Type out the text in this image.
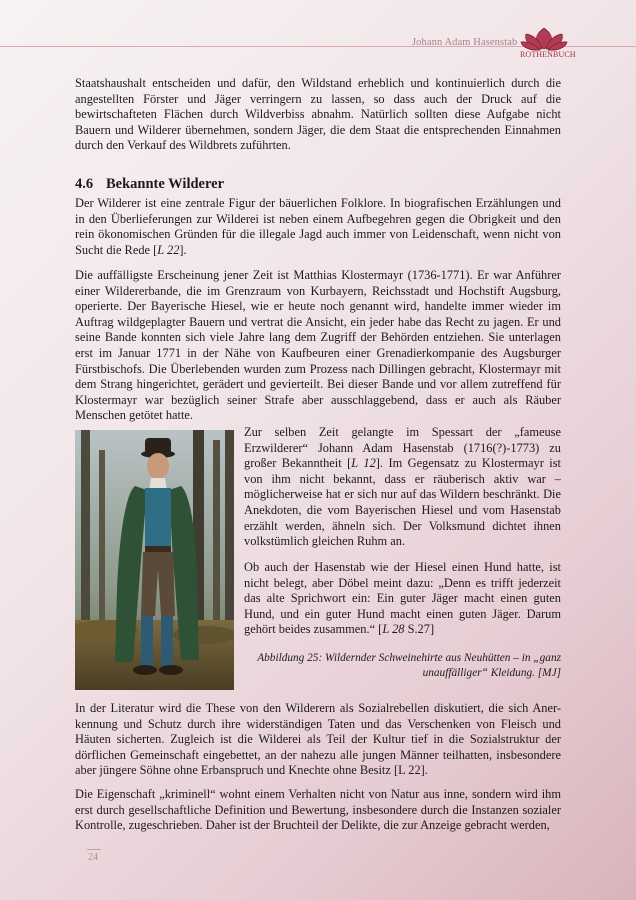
Johann Adam Hasenstab
ROTHENBUCH

Staatshaushalt entscheiden und dafür, den Wildstand erheblich und kontinuierlich durch die angestellten Förster und Jäger verringern zu lassen, so dass auch der Druck auf die bewirtschafteten Flächen durch Wildverbiss abnahm. Natürlich sollten diese Aufgabe nicht Bauern und Wilderer übernehmen, sondern Jäger, die dem Staat die entsprechenden Einnahmen durch den Verkauf des Wildbrets zuführten.

4.6 Bekannte Wilderer

Der Wilderer ist eine zentrale Figur der bäuerlichen Folklore. In biografischen Erzählungen und in den Überlieferungen zur Wilderei ist neben einem Aufbegehren gegen die Obrigkeit und den rein ökonomischen Gründen für die illegale Jagd auch immer von Leidenschaft, wenn nicht von Sucht die Rede [L 22].

Die auffälligste Erscheinung jener Zeit ist Matthias Klostermayr (1736-1771). Er war Anführer einer Wildererbande, die im Grenzraum von Kurbayern, Reichsstadt und Hochstift Augsburg, operierte. Der Bayerische Hiesel, wie er heute noch genannt wird, handelte immer wieder im Auftrag wildgeplagter Bauern und vertrat die Ansicht, ein jeder habe das Recht zu jagen. Er und seine Bande konnten sich viele Jahre lang dem Zugriff der Behörden entziehen. Sie unterlagen erst im Januar 1771 in der Nähe von Kaufbeuren einer Grenadierkompanie des Augsburger Fürstbischofs. Die Überlebenden wurden zum Prozess nach Dillingen gebracht, Klostermayr mit dem Strang hingerichtet, gerädert und gevierteilt. Bei dieser Bande und vor allem zutreffend für Klostermayr war bezüglich seiner Strafe aber ausschlaggebend, dass er auch als Räuber Menschen getötet hatte.

Zur selben Zeit gelangte im Spessart der „fameuse Erzwilderer“ Johann Adam Hasenstab (1716(?)-1773) zu großer Bekanntheit [L 12]. Im Gegensatz zu Klostermayr ist von ihm nicht bekannt, dass er räuberisch aktiv war – möglicherweise hat er sich nur auf das Wildern beschränkt. Die Anekdoten, die vom Bayerischen Hiesel und vom Hasenstab erzählt werden, ähneln sich. Der Volksmund dichtet ihnen volkstümlich gleichen Ruhm an.

Ob auch der Hasenstab wie der Hiesel einen Hund hatte, ist nicht belegt, aber Döbel meint dazu: „Denn es trifft jederzeit das alte Sprichwort ein: Ein guter Jäger macht einen guten Hund, und ein guter Hund macht einen guten Jäger. Darum gehört beides zusammen.“ [L 28 S.27]

Abbildung 25: Wildernder Schweinehirte aus Neuhütten – in „ganz unauffälliger“ Kleidung. [MJ]

In der Literatur wird die These von den Wilderern als Sozialrebellen diskutiert, die sich Aner-kennung und Schutz durch ihre widerständigen Taten und das Verschenken von Fleisch und Häuten sicherten. Zugleich ist die Wilderei als Teil der Kultur tief in die Sozialstruktur der dörflichen Gemeinschaft eingebettet, an der nahezu alle jungen Männer teilhatten, insbesondere aber jüngere Söhne ohne Erbanspruch und Knechte ohne Besitz [L 22].

Die Eigenschaft „kriminell“ wohnt einem Verhalten nicht von Natur aus inne, sondern wird ihm erst durch gesellschaftliche Definition und Bewertung, insbesondere durch die Instanzen sozialer Kontrolle, zugeschrieben. Daher ist der Bruchteil der Delikte, die zur Anzeige gebracht werden,

24
